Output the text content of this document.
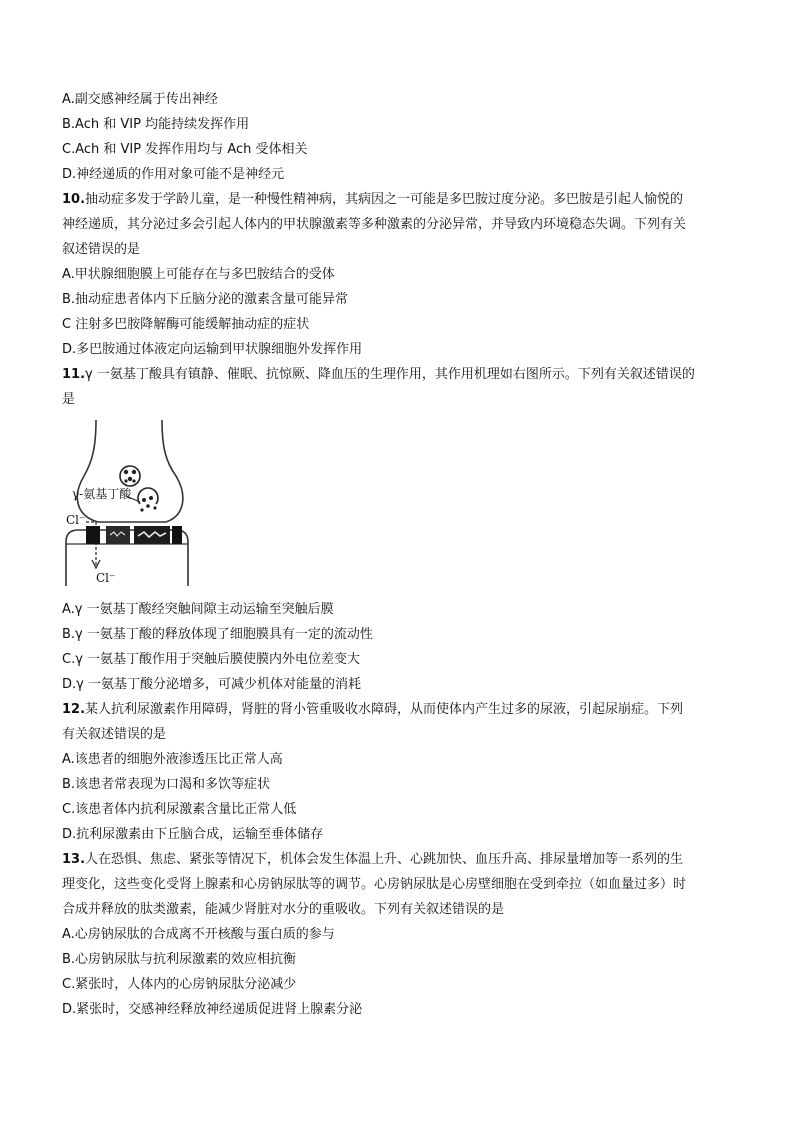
A.副交感神经属于传出神经
B.Ach 和 VIP 均能持续发挥作用
C.Ach 和 VIP 发挥作用均与 Ach 受体相关
D.神经递质的作用对象可能不是神经元
10.抽动症多发于学龄儿童，是一种慢性精神病，其病因之一可能是多巴胺过度分泌。多巴胺是引起人愉悦的
神经递质，其分泌过多会引起人体内的甲状腺激素等多种激素的分泌异常，并导致内环境稳态失调。下列有关
叙述错误的是
A.甲状腺细胞膜上可能存在与多巴胺结合的受体
B.抽动症患者体内下丘脑分泌的激素含量可能异常
C 注射多巴胺降解酶可能缓解抽动症的症状
D.多巴胺通过体液定向运输到甲状腺细胞外发挥作用
11.γ 一氨基丁酸具有镇静、催眠、抗惊厥、降血压的生理作用，其作用机理如右图所示。下列有关叙述错误的
是
γ-氨基丁酸
Cl⁻
Cl⁻
A.γ 一氨基丁酸经突触间隙主动运输至突触后膜
B.γ 一氨基丁酸的释放体现了细胞膜具有一定的流动性
C.γ 一氨基丁酸作用于突触后膜使膜内外电位差变大
D.γ 一氨基丁酸分泌增多，可减少机体对能量的消耗
12.某人抗利尿激素作用障碍，肾脏的肾小管重吸收水障碍，从而使体内产生过多的尿液，引起尿崩症。下列
有关叙述错误的是
A.该患者的细胞外液渗透压比正常人高
B.该患者常表现为口渴和多饮等症状
C.该患者体内抗利尿激素含量比正常人低
D.抗利尿激素由下丘脑合成，运输至垂体储存
13.人在恐惧、焦虑、紧张等情况下，机体会发生体温上升、心跳加快、血压升高、排尿量增加等一系列的生
理变化，这些变化受肾上腺素和心房钠尿肽等的调节。心房钠尿肽是心房壁细胞在受到牵拉（如血量过多）时
合成并释放的肽类激素，能减少肾脏对水分的重吸收。下列有关叙述错误的是
A.心房钠尿肽的合成离不开核酸与蛋白质的参与
B.心房钠尿肽与抗利尿激素的效应相抗衡
C.紧张时，人体内的心房钠尿肽分泌减少
D.紧张时，交感神经释放神经递质促进肾上腺素分泌
